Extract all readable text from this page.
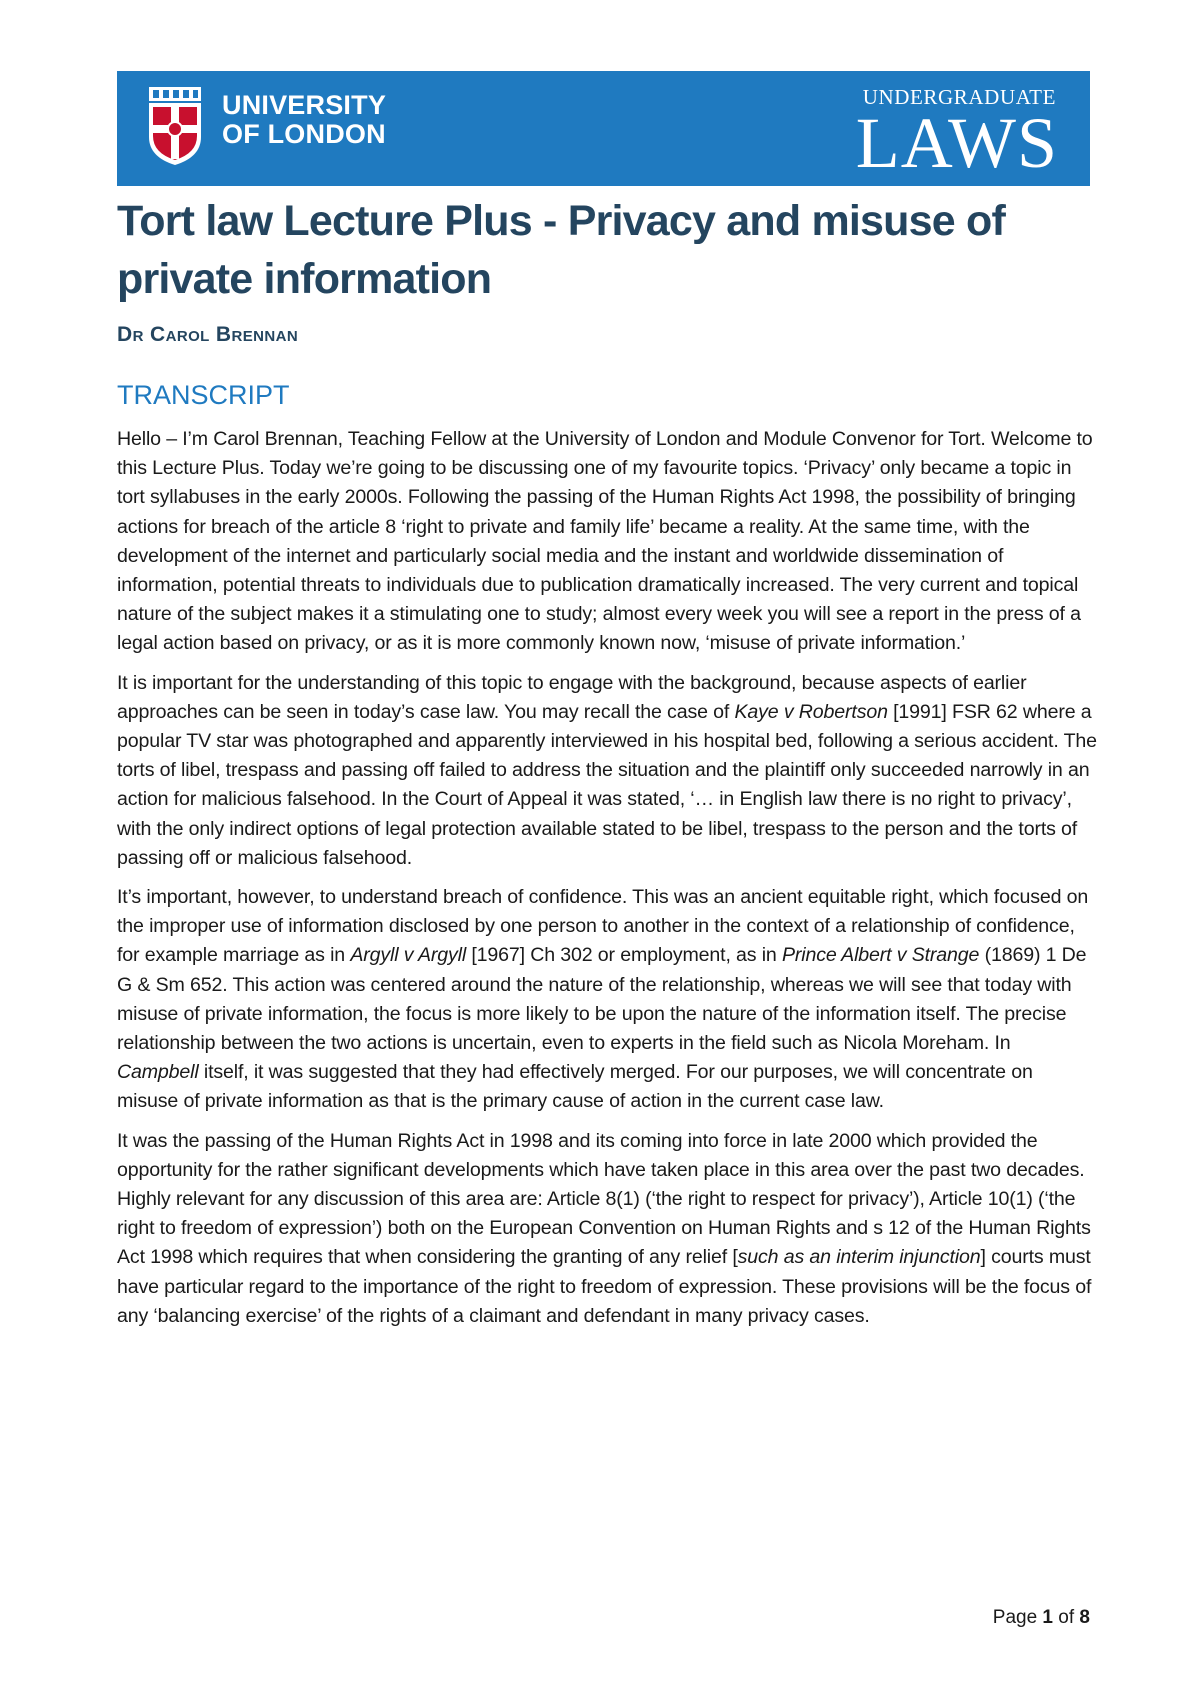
UNIVERSITY
OF LONDON
UNDERGRADUATE
LAWS
Tort law Lecture Plus - Privacy and misuse of private information
Dr Carol Brennan
TRANSCRIPT

Hello – I’m Carol Brennan, Teaching Fellow at the University of London and Module Convenor for Tort. Welcome to this Lecture Plus. Today we’re going to be discussing one of my favourite topics. ‘Privacy’ only became a topic in tort syllabuses in the early 2000s. Following the passing of the Human Rights Act 1998, the possibility of bringing actions for breach of the article 8 ‘right to private and family life’ became a reality. At the same time, with the development of the internet and particularly social media and the instant and worldwide dissemination of information, potential threats to individuals due to publication dramatically increased. The very current and topical nature of the subject makes it a stimulating one to study; almost every week you will see a report in the press of a legal action based on privacy, or as it is more commonly known now, ‘misuse of private information.’

It is important for the understanding of this topic to engage with the background, because aspects of earlier approaches can be seen in today’s case law. You may recall the case of Kaye v Robertson [1991] FSR 62 where a popular TV star was photographed and apparently interviewed in his hospital bed, following a serious accident. The torts of libel, trespass and passing off failed to address the situation and the plaintiff only succeeded narrowly in an action for malicious falsehood. In the Court of Appeal it was stated, ‘… in English law there is no right to privacy’, with the only indirect options of legal protection available stated to be libel, trespass to the person and the torts of passing off or malicious falsehood.

It’s important, however, to understand breach of confidence. This was an ancient equitable right, which focused on the improper use of information disclosed by one person to another in the context of a relationship of confidence, for example marriage as in Argyll v Argyll [1967] Ch 302 or employment, as in Prince Albert v Strange (1869) 1 De G & Sm 652. This action was centered around the nature of the relationship, whereas we will see that today with misuse of private information, the focus is more likely to be upon the nature of the information itself. The precise relationship between the two actions is uncertain, even to experts in the field such as Nicola Moreham. In Campbell itself, it was suggested that they had effectively merged. For our purposes, we will concentrate on misuse of private information as that is the primary cause of action in the current case law.

It was the passing of the Human Rights Act in 1998 and its coming into force in late 2000 which provided the opportunity for the rather significant developments which have taken place in this area over the past two decades. Highly relevant for any discussion of this area are: Article 8(1) (‘the right to respect for privacy’), Article 10(1) (‘the right to freedom of expression’) both on the European Convention on Human Rights and s 12 of the Human Rights Act 1998 which requires that when considering the granting of any relief [such as an interim injunction] courts must have particular regard to the importance of the right to freedom of expression. These provisions will be the focus of any ‘balancing exercise’ of the rights of a claimant and defendant in many privacy cases.

Page 1 of 8
